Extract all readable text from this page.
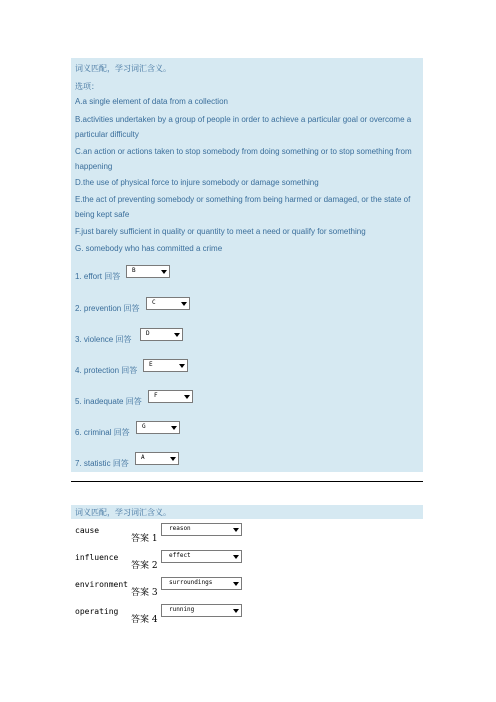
词义匹配，学习词汇含义。
选项：
A.a single element of data from a collection
B.activities undertaken by a group of people in order to achieve a particular goal or overcome a particular difficulty
C.an action or actions taken to stop somebody from doing something or to stop something from happening
D.the use of physical force to injure somebody or damage something
E.the act of preventing somebody or something from being harmed or damaged, or the state of being kept safe
F.just barely sufficient in quality or quantity to meet a need or qualify for something
G. somebody who has committed a crime
1. effort 回答
B
2. prevention 回答
C
3. violence 回答
D
4. protection 回答
E
5. inadequate 回答
F
6. criminal 回答
G
7. statistic 回答
A
词义匹配，学习词汇含义。
cause
答案 1
reason
influence
答案 2
effect
environment
答案 3
surroundings
operating
答案 4
running
